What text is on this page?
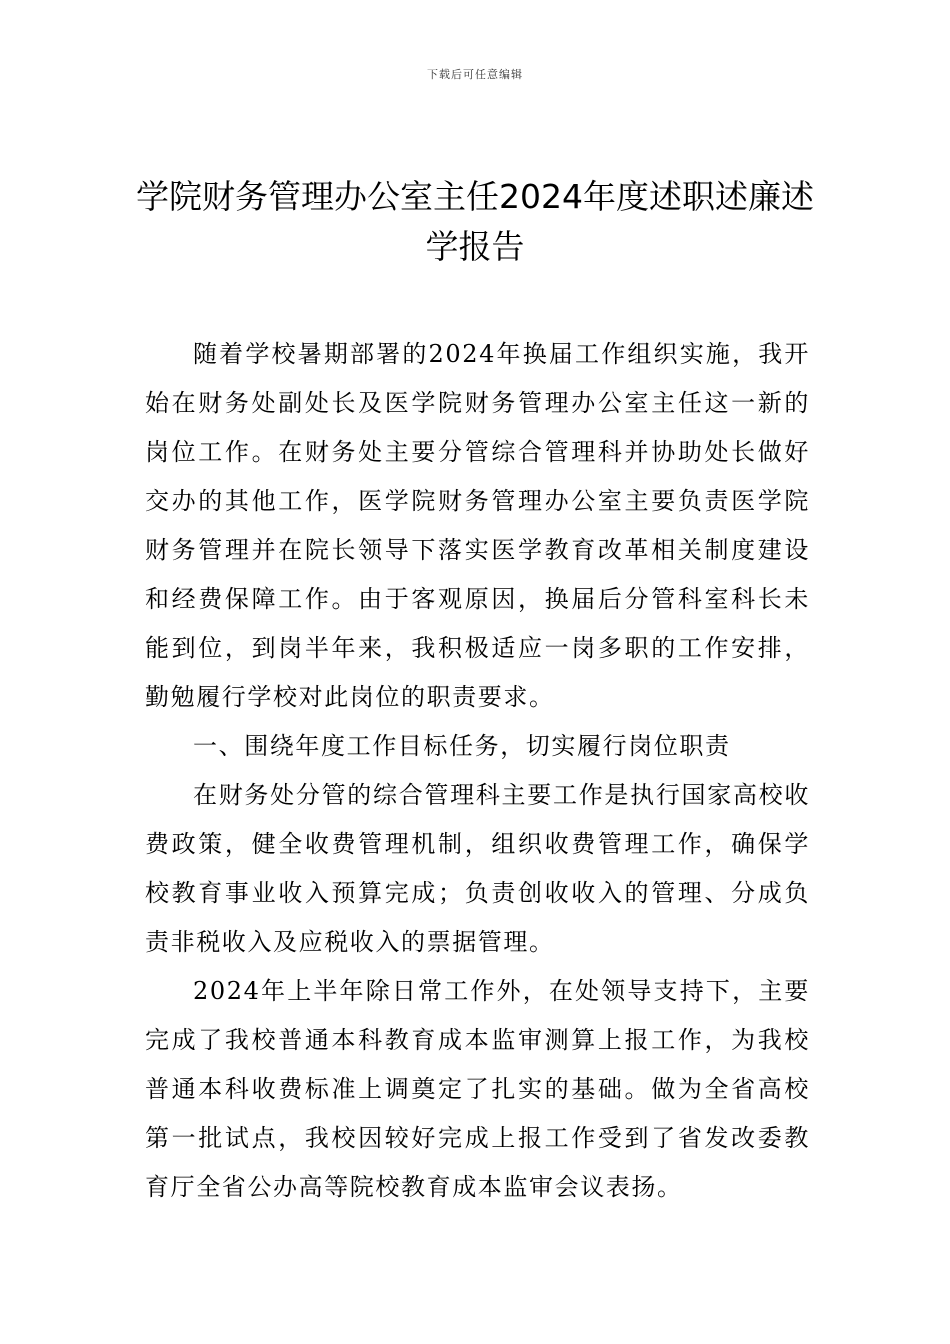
下载后可任意编辑
学院财务管理办公室主任2024年度述职述廉述学报告

随着学校暑期部署的2024年换届工作组织实施，我开始在财务处副处长及医学院财务管理办公室主任这一新的岗位工作。在财务处主要分管综合管理科并协助处长做好交办的其他工作，医学院财务管理办公室主要负责医学院财务管理并在院长领导下落实医学教育改革相关制度建设和经费保障工作。由于客观原因，换届后分管科室科长未能到位，到岗半年来，我积极适应一岗多职的工作安排，勤勉履行学校对此岗位的职责要求。

一、围绕年度工作目标任务，切实履行岗位职责

在财务处分管的综合管理科主要工作是执行国家高校收费政策，健全收费管理机制，组织收费管理工作，确保学校教育事业收入预算完成；负责创收收入的管理、分成负责非税收入及应税收入的票据管理。

2024年上半年除日常工作外，在处领导支持下，主要完成了我校普通本科教育成本监审测算上报工作，为我校普通本科收费标准上调奠定了扎实的基础。做为全省高校第一批试点，我校因较好完成上报工作受到了省发改委教育厅全省公办高等院校教育成本监审会议表扬。
